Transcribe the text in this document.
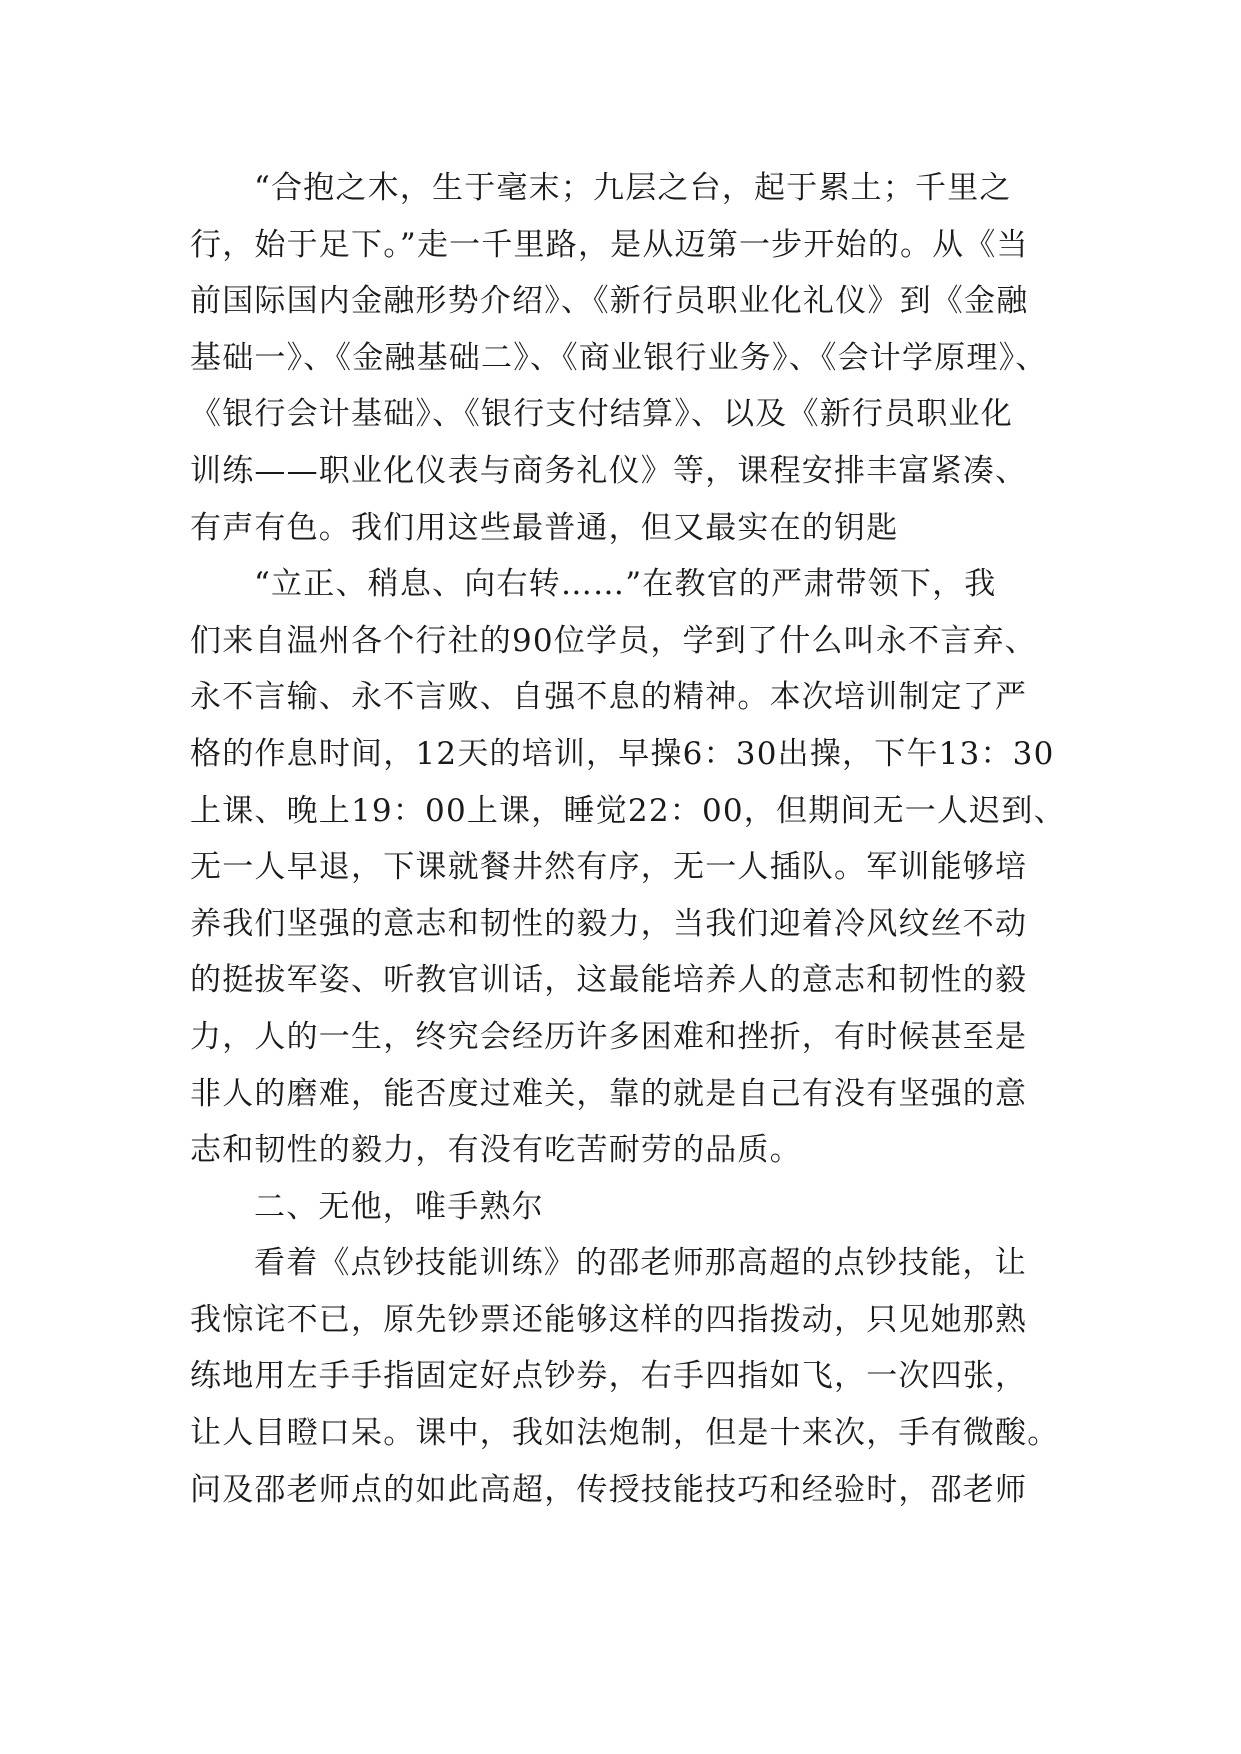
“合抱之木，生于毫末；九层之台，起于累土；千里之
行，始于足下。”走一千里路，是从迈第一步开始的。从《当
前国际国内金融形势介绍》、《新行员职业化礼仪》到《金融
基础一》、《金融基础二》、《商业银行业务》、《会计学原理》、
《银行会计基础》、《银行支付结算》、以及《新行员职业化
训练——职业化仪表与商务礼仪》等，课程安排丰富紧凑、
有声有色。我们用这些最普通，但又最实在的钥匙
“立正、稍息、向右转……”在教官的严肃带领下，我
们来自温州各个行社的90位学员，学到了什么叫永不言弃、
永不言输、永不言败、自强不息的精神。本次培训制定了严
格的作息时间，12天的培训，早操6：30出操，下午13：30
上课、晚上19：00上课，睡觉22：00，但期间无一人迟到、
无一人早退，下课就餐井然有序，无一人插队。军训能够培
养我们坚强的意志和韧性的毅力，当我们迎着冷风纹丝不动
的挺拔军姿、听教官训话，这最能培养人的意志和韧性的毅
力，人的一生，终究会经历许多困难和挫折，有时候甚至是
非人的磨难，能否度过难关，靠的就是自己有没有坚强的意
志和韧性的毅力，有没有吃苦耐劳的品质。
二、无他，唯手熟尔
看着《点钞技能训练》的邵老师那高超的点钞技能，让
我惊诧不已，原先钞票还能够这样的四指拨动，只见她那熟
练地用左手手指固定好点钞券，右手四指如飞，一次四张，
让人目瞪口呆。课中，我如法炮制，但是十来次，手有微酸。
问及邵老师点的如此高超，传授技能技巧和经验时，邵老师
